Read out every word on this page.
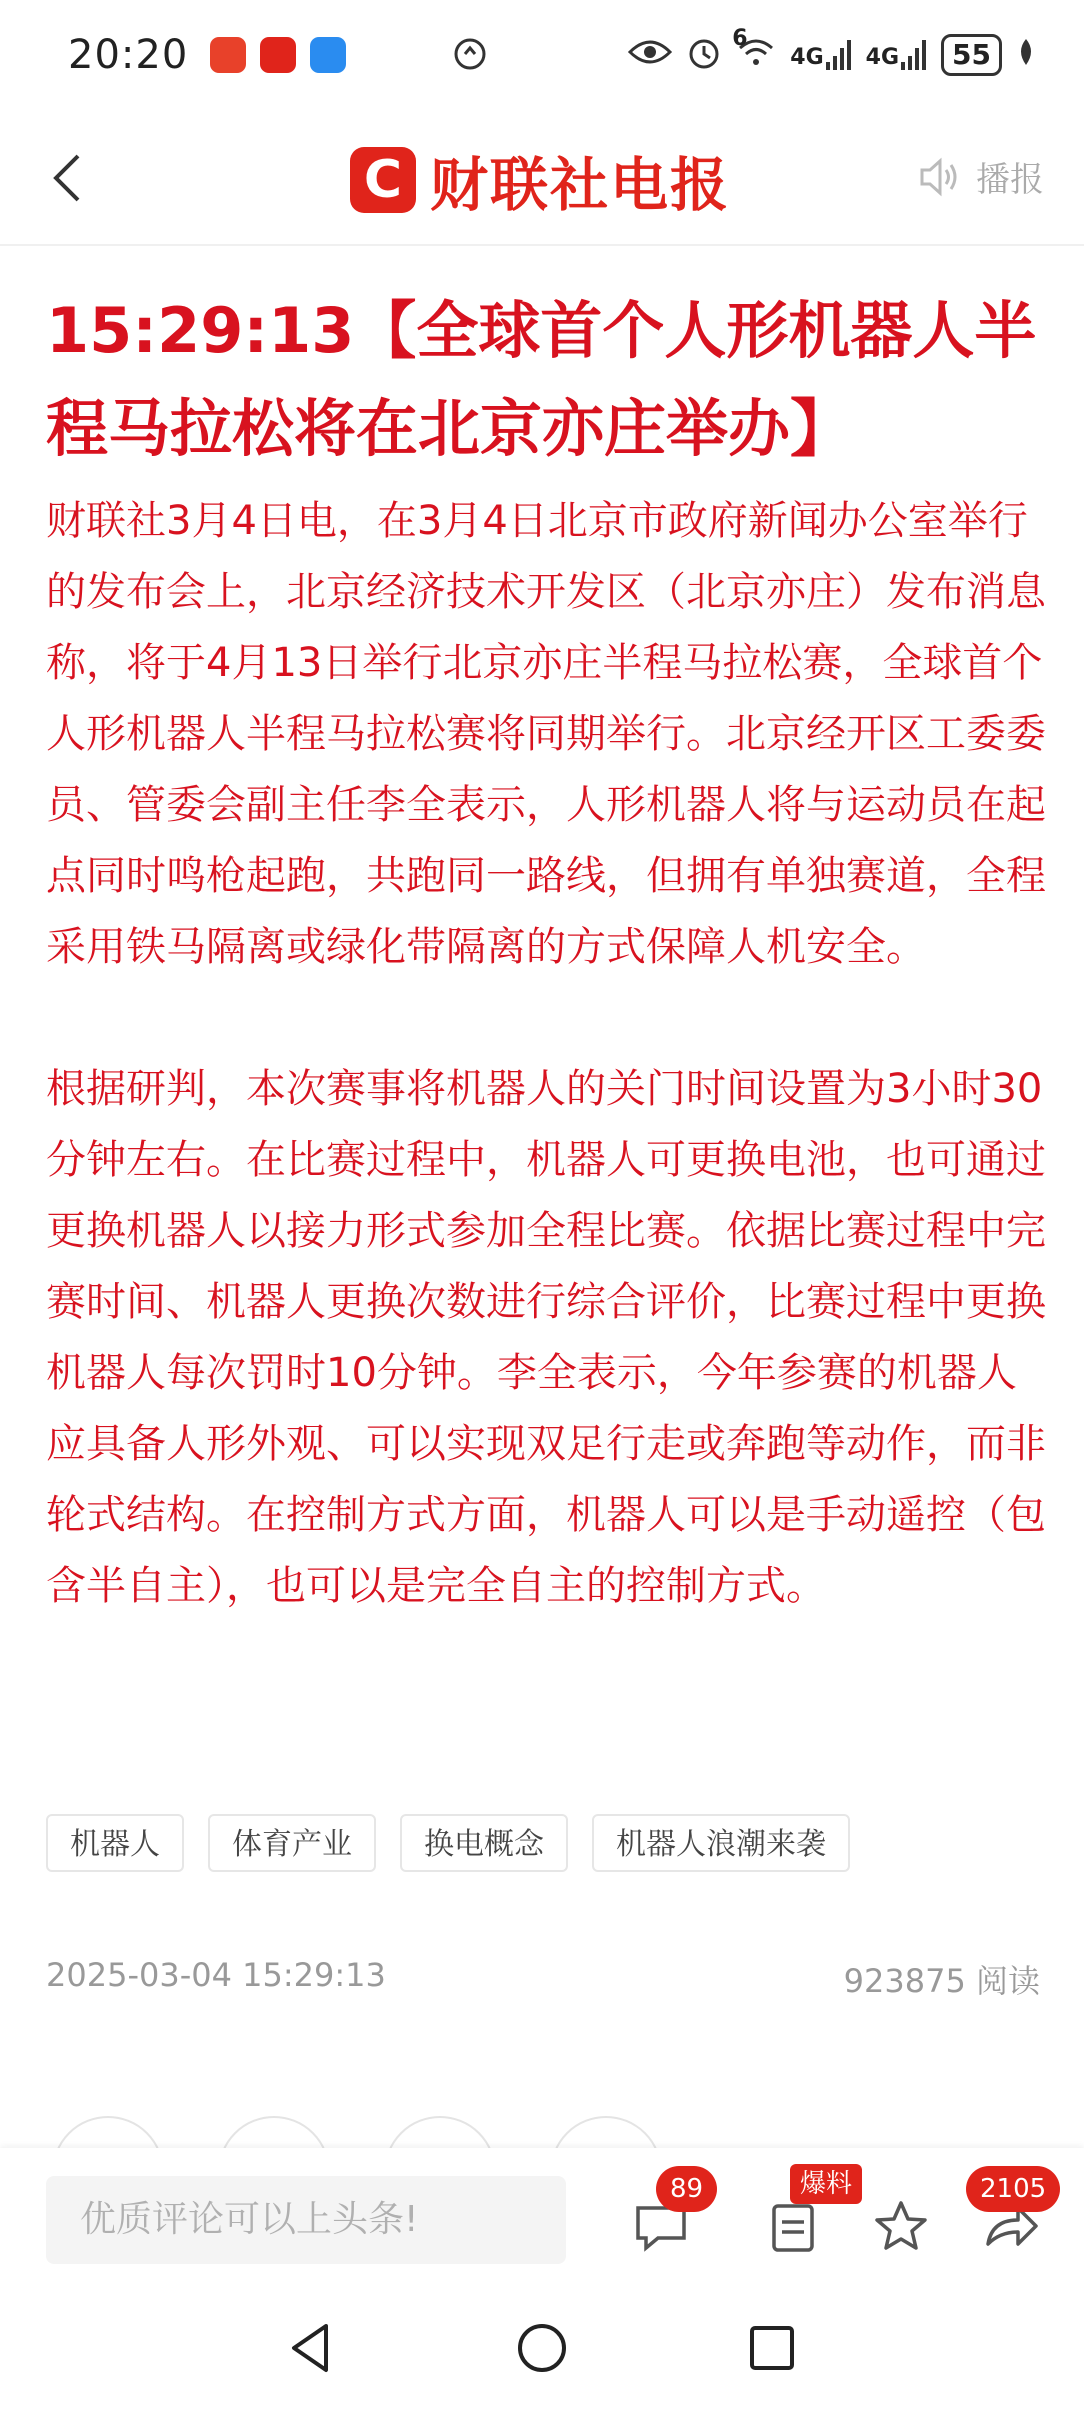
20:20	6
4G 4G	55
C 财联社电报	播报
15:29:13【全球首个人形机器人半程马拉松将在北京亦庄举办】

财联社3月4日电，在3月4日北京市政府新闻办公室举行的发布会上，北京经济技术开发区（北京亦庄）发布消息称，将于4月13日举行北京亦庄半程马拉松赛，全球首个人形机器人半程马拉松赛将同期举行。北京经开区工委委员、管委会副主任李全表示，人形机器人将与运动员在起点同时鸣枪起跑，共跑同一路线，但拥有单独赛道，全程采用铁马隔离或绿化带隔离的方式保障人机安全。

根据研判，本次赛事将机器人的关门时间设置为3小时30分钟左右。在比赛过程中，机器人可更换电池，也可通过更换机器人以接力形式参加全程比赛。依据比赛过程中完赛时间、机器人更换次数进行综合评价，比赛过程中更换机器人每次罚时10分钟。李全表示，今年参赛的机器人应具备人形外观、可以实现双足行走或奔跑等动作，而非轮式结构。在控制方式方面，机器人可以是手动遥控（包含半自主），也可以是完全自主的控制方式。

机器人	体育产业	换电概念	机器人浪潮来袭
2025-03-04 15:29:13	923875 阅读
优质评论可以上头条!
89	爆料	2105
